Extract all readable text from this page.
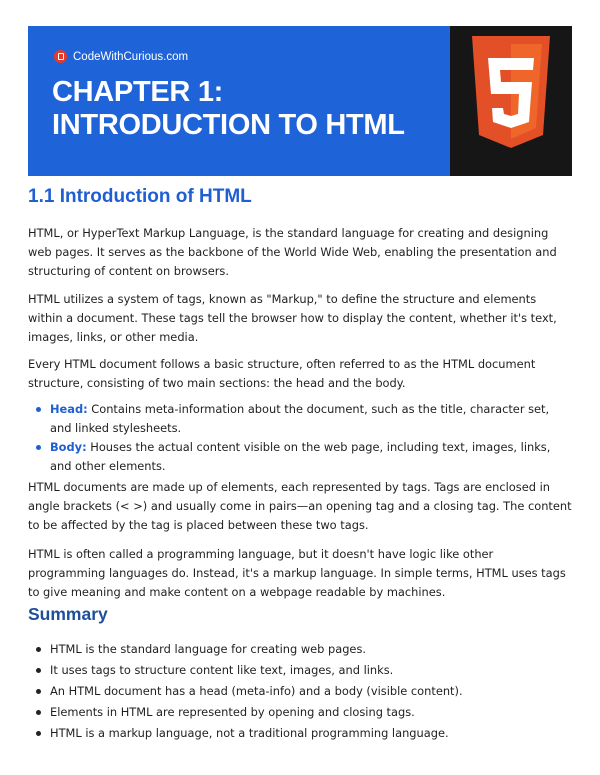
CodeWithCurious.com
CHAPTER 1:
INTRODUCTION TO HTML
1.1 Introduction of HTML

HTML, or HyperText Markup Language, is the standard language for creating and designing web pages. It serves as the backbone of the World Wide Web, enabling the presentation and structuring of content on browsers.

HTML utilizes a system of tags, known as "Markup," to define the structure and elements within a document. These tags tell the browser how to display the content, whether it's text, images, links, or other media.

Every HTML document follows a basic structure, often referred to as the HTML document structure, consisting of two main sections: the head and the body.

Head: Contains meta-information about the document, such as the title, character set, and linked stylesheets.
Body: Houses the actual content visible on the web page, including text, images, links, and other elements.

HTML documents are made up of elements, each represented by tags. Tags are enclosed in angle brackets (< >) and usually come in pairs—an opening tag and a closing tag. The content to be affected by the tag is placed between these two tags.

HTML is often called a programming language, but it doesn't have logic like other programming languages do. Instead, it's a markup language. In simple terms, HTML uses tags to give meaning and make content on a webpage readable by machines.

Summary
HTML is the standard language for creating web pages.
It uses tags to structure content like text, images, and links.
An HTML document has a head (meta-info) and a body (visible content).
Elements in HTML are represented by opening and closing tags.
HTML is a markup language, not a traditional programming language.
